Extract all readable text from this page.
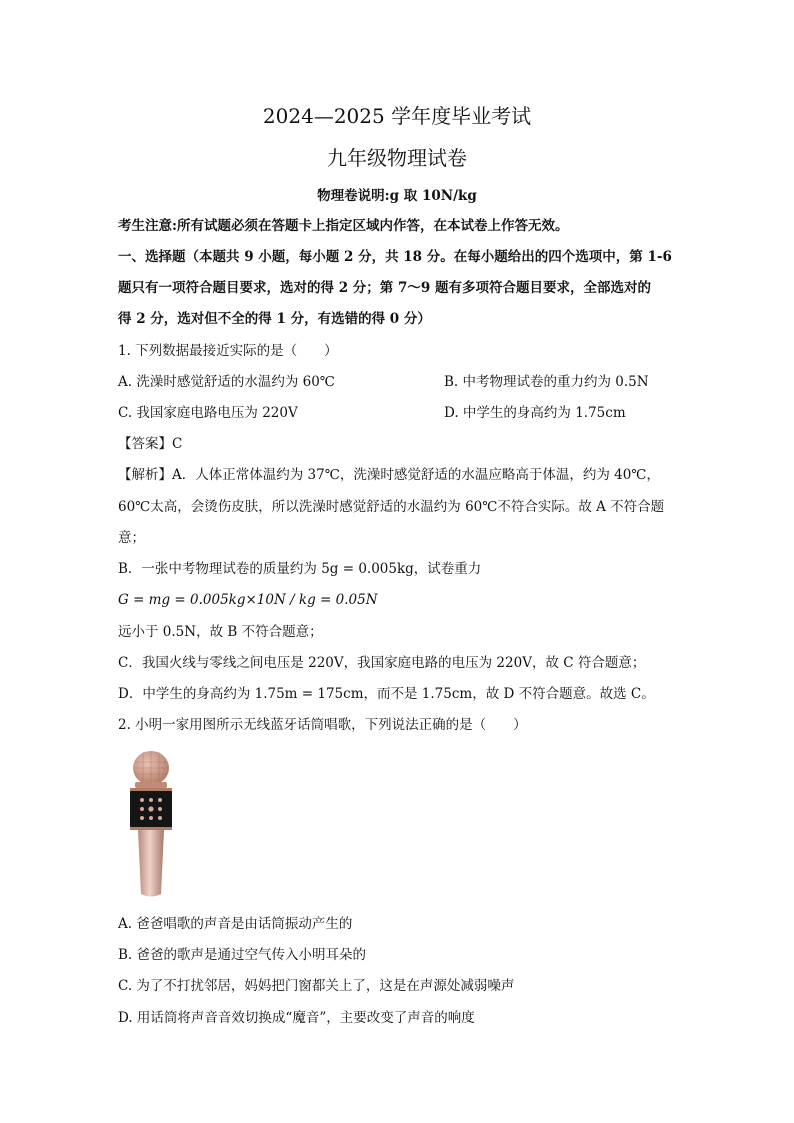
2024—2025 学年度毕业考试
九年级物理试卷
物理卷说明:g 取 10N/kg
考生注意:所有试题必须在答题卡上指定区域内作答，在本试卷上作答无效。
一、选择题（本题共 9 小题，每小题 2 分，共 18 分。在每小题给出的四个选项中，第 1-6
题只有一项符合题目要求，选对的得 2 分；第 7～9 题有多项符合题目要求，全部选对的
得 2 分，选对但不全的得 1 分，有选错的得 0 分）
1. 下列数据最接近实际的是（　　）
A. 洗澡时感觉舒适的水温约为 60℃	B. 中考物理试卷的重力约为 0.5N
C. 我国家庭电路电压为 220V	D. 中学生的身高约为 1.75cm
【答案】C
【解析】A．人体正常体温约为 37℃，洗澡时感觉舒适的水温应略高于体温，约为 40℃，
60℃太高，会烫伤皮肤，所以洗澡时感觉舒适的水温约为 60℃不符合实际。故 A 不符合题
意；
B．一张中考物理试卷的质量约为 5g = 0.005kg，试卷重力
G = mg = 0.005kg×10N / kg = 0.05N
远小于 0.5N，故 B 不符合题意；
C．我国火线与零线之间电压是 220V，我国家庭电路的电压为 220V，故 C 符合题意；
D．中学生的身高约为 1.75m = 175cm，而不是 1.75cm，故 D 不符合题意。故选 C。
2. 小明一家用图所示无线蓝牙话筒唱歌，下列说法正确的是（　　）
A. 爸爸唱歌的声音是由话筒振动产生的
B. 爸爸的歌声是通过空气传入小明耳朵的
C. 为了不打扰邻居，妈妈把门窗都关上了，这是在声源处减弱噪声
D. 用话筒将声音音效切换成“魔音”，主要改变了声音的响度
